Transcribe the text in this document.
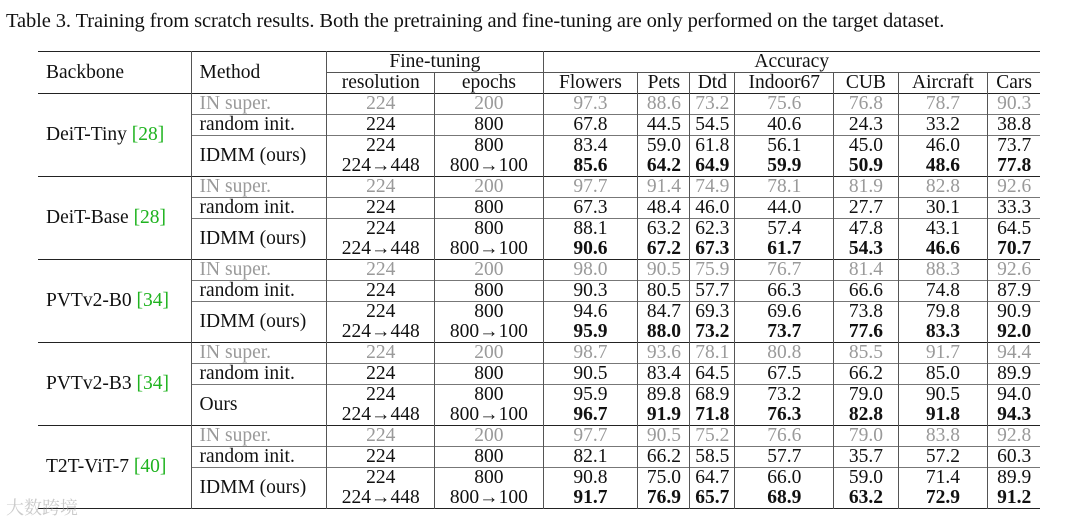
Table 3. Training from scratch results. Both the pretraining and fine-tuning are only performed on the target dataset.
Backbone	Method	Fine-tuning		Accuracy						
		resolution	epochs	Flowers	Pets	Dtd	Indoor67	CUB	Aircraft	Cars
DeiT-Tiny [28]	IN super.	224	200	97.3	88.6	73.2	75.6	76.8	78.7	90.3
	random init.	224	800	67.8	44.5	54.5	40.6	24.3	33.2	38.8
	IDMM (ours)	224	800	83.4	59.0	61.8	56.1	45.0	46.0	73.7
		224→448	800→100	85.6	64.2	64.9	59.9	50.9	48.6	77.8
DeiT-Base [28]	IN super.	224	200	97.7	91.4	74.9	78.1	81.9	82.8	92.6
	random init.	224	800	67.3	48.4	46.0	44.0	27.7	30.1	33.3
	IDMM (ours)	224	800	88.1	63.2	62.3	57.4	47.8	43.1	64.5
		224→448	800→100	90.6	67.2	67.3	61.7	54.3	46.6	70.7
PVTv2-B0 [34]	IN super.	224	200	98.0	90.5	75.9	76.7	81.4	88.3	92.6
	random init.	224	800	90.3	80.5	57.7	66.3	66.6	74.8	87.9
	IDMM (ours)	224	800	94.6	84.7	69.3	69.6	73.8	79.8	90.9
		224→448	800→100	95.9	88.0	73.2	73.7	77.6	83.3	92.0
PVTv2-B3 [34]	IN super.	224	200	98.7	93.6	78.1	80.8	85.5	91.7	94.4
	random init.	224	800	90.5	83.4	64.5	67.5	66.2	85.0	89.9
	Ours	224	800	95.9	89.8	68.9	73.2	79.0	90.5	94.0
		224→448	800→100	96.7	91.9	71.8	76.3	82.8	91.8	94.3
T2T-ViT-7 [40]	IN super.	224	200	97.7	90.5	75.2	76.6	79.0	83.8	92.8
	random init.	224	800	82.1	66.2	58.5	57.7	35.7	57.2	60.3
	IDMM (ours)	224	800	90.8	75.0	64.7	66.0	59.0	71.4	89.9
		224→448	800→100	91.7	76.9	65.7	68.9	63.2	72.9	91.2
大数跨境
